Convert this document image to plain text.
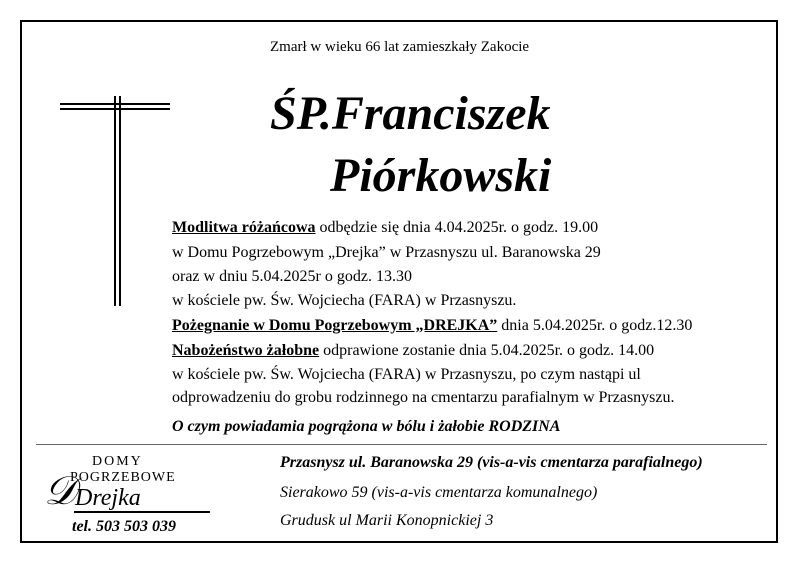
Zmarł w wieku 66 lat zamieszkały Zakocie
ŚP.Franciszek
Piórkowski
Modlitwa różańcowa odbędzie się dnia 4.04.2025r. o godz. 19.00
w Domu Pogrzebowym „Drejka” w Przasnyszu ul. Baranowska 29
oraz w dniu 5.04.2025r o godz. 13.30
w kościele pw. Św. Wojciecha (FARA) w Przasnyszu.
Pożegnanie w Domu Pogrzebowym „DREJKA” dnia 5.04.2025r. o godz.12.30
Nabożeństwo żałobne odprawione zostanie dnia 5.04.2025r. o godz. 14.00
w kościele pw. Św. Wojciecha (FARA) w Przasnyszu, po czym nastąpi ul
odprowadzeniu do grobu rodzinnego na cmentarzu parafialnym w Przasnyszu.
O czym powiadamia pogrążona w bólu i żałobie RODZINA
DOMY
POGRZEBOWE
𝒟 Drejka
tel. 503 503 039
Przasnysz ul. Baranowska 29 (vis-a-vis cmentarza parafialnego)
Sierakowo 59 (vis-a-vis cmentarza komunalnego)
Grudusk ul Marii Konopnickiej 3
